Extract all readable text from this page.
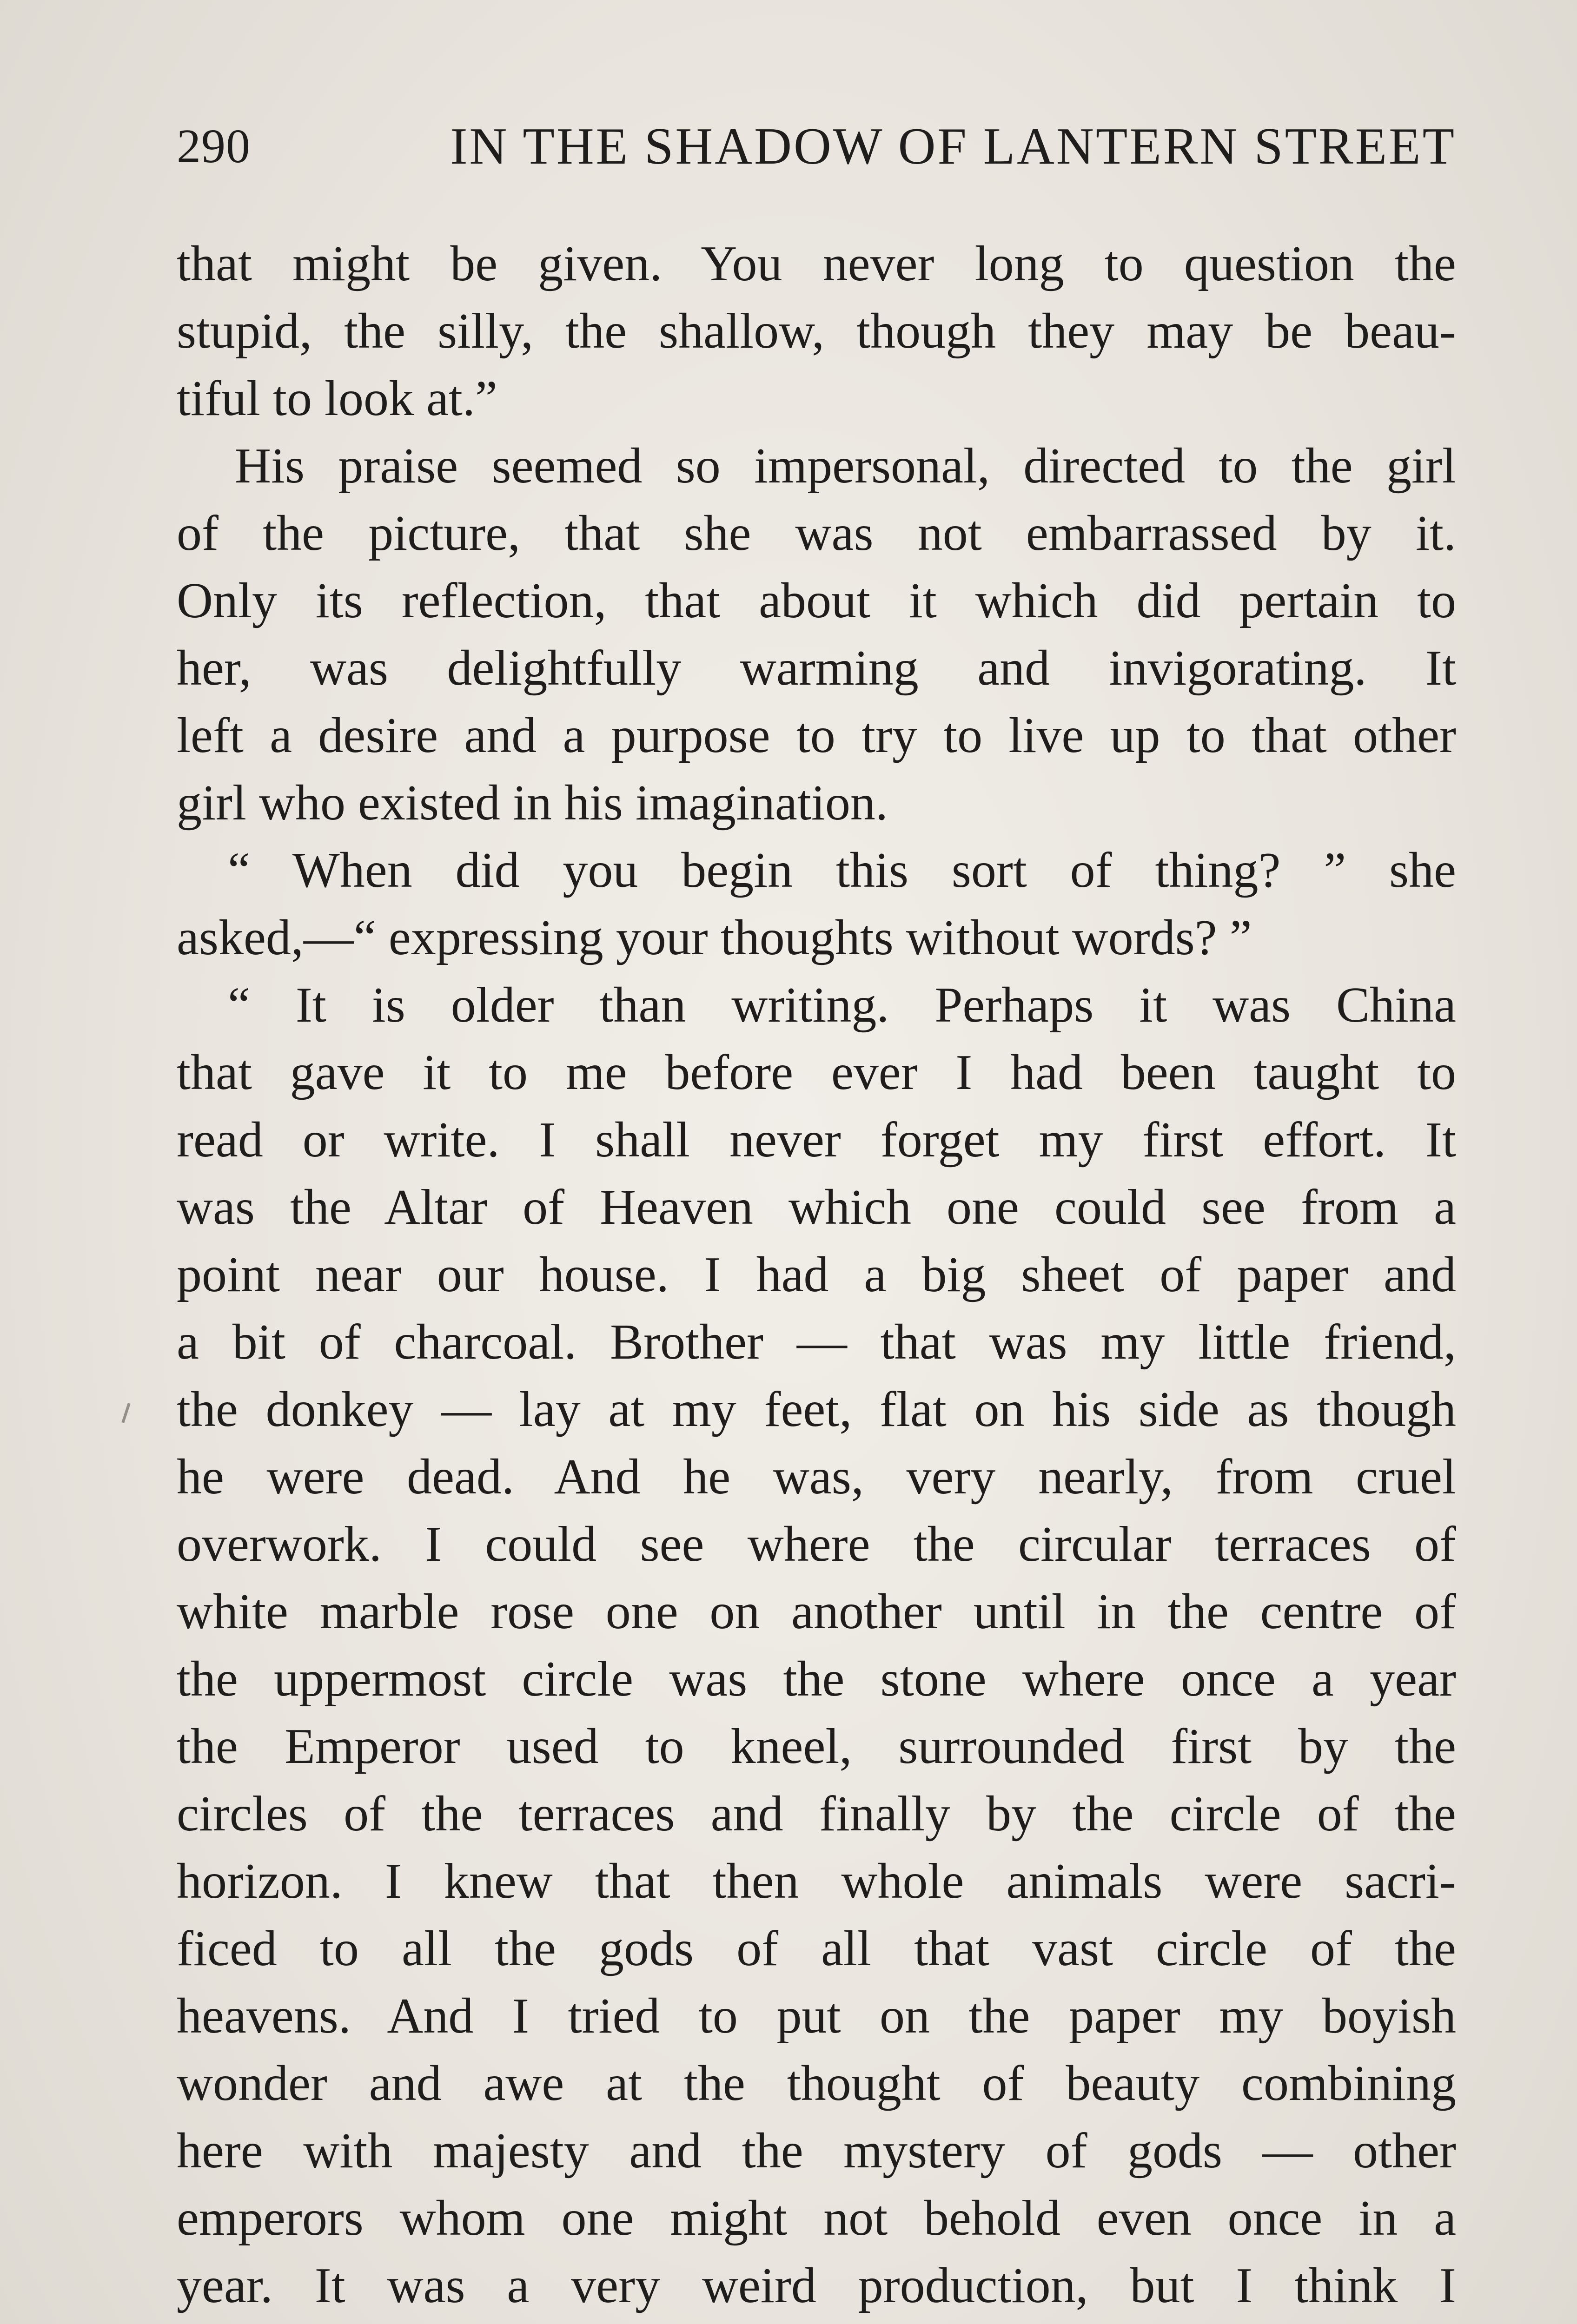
290	IN THE SHADOW OF LANTERN STREET
that might be given. You never long to question the
stupid, the silly, the shallow, though they may be beau-
tiful to look at.”
His praise seemed so impersonal, directed to the girl
of the picture, that she was not embarrassed by it.
Only its reflection, that about it which did pertain to
her, was delightfully warming and invigorating. It
left a desire and a purpose to try to live up to that other
girl who existed in his imagination.
“ When did you begin this sort of thing? ” she
asked,—“ expressing your thoughts without words? ”
“ It is older than writing. Perhaps it was China
that gave it to me before ever I had been taught to
read or write. I shall never forget my first effort. It
was the Altar of Heaven which one could see from a
point near our house. I had a big sheet of paper and
a bit of charcoal. Brother — that was my little friend,
the donkey — lay at my feet, flat on his side as though
he were dead. And he was, very nearly, from cruel
overwork. I could see where the circular terraces of
white marble rose one on another until in the centre of
the uppermost circle was the stone where once a year
the Emperor used to kneel, surrounded first by the
circles of the terraces and finally by the circle of the
horizon. I knew that then whole animals were sacri-
ficed to all the gods of all that vast circle of the
heavens. And I tried to put on the paper my boyish
wonder and awe at the thought of beauty combining
here with majesty and the mystery of gods — other
emperors whom one might not behold even once in a
year. It was a very weird production, but I think I
